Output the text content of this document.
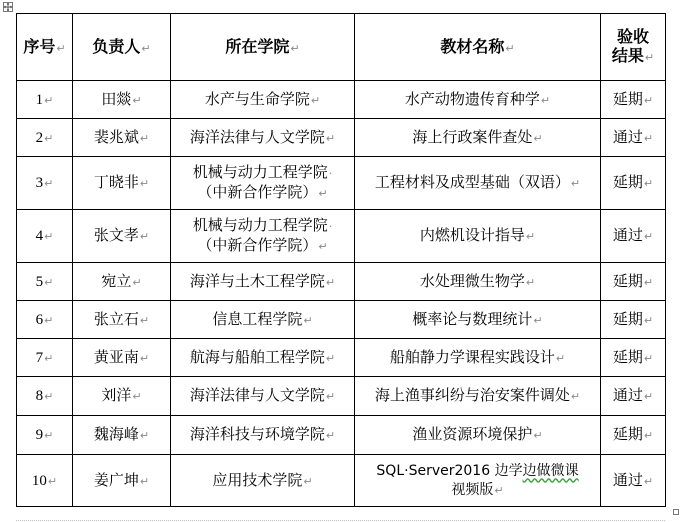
序号↵	负责人↵	所在学院↵	教材名称↵	验收
结果↵
1↵	田燚↵	水产与生命学院↵	水产动物遗传育种学↵	延期↵
2↵	裴兆斌↵	海洋法律与人文学院↵	海上行政案件查处↵	通过↵
3↵	丁晓非↵	机械与动力工程学院·
（中新合作学院）↵	工程材料及成型基础（双语）↵	延期↵
4↵	张文孝↵	机械与动力工程学院·
（中新合作学院）↵	内燃机设计指导↵	通过↵
5↵	宛立↵	海洋与土木工程学院↵	水处理微生物学↵	延期↵
6↵	张立石↵	信息工程学院↵	概率论与数理统计↵	延期↵
7↵	黄亚南↵	航海与船舶工程学院↵	船舶静力学课程实践设计↵	延期↵
8↵	刘洋↵	海洋法律与人文学院↵	海上渔事纠纷与治安案件调处↵	通过↵
9↵	魏海峰↵	海洋科技与环境学院↵	渔业资源环境保护↵	延期↵
10↵	姜广坤↵	应用技术学院↵	SQL·Server2016 边学边做微课
视频版↵	通过↵
